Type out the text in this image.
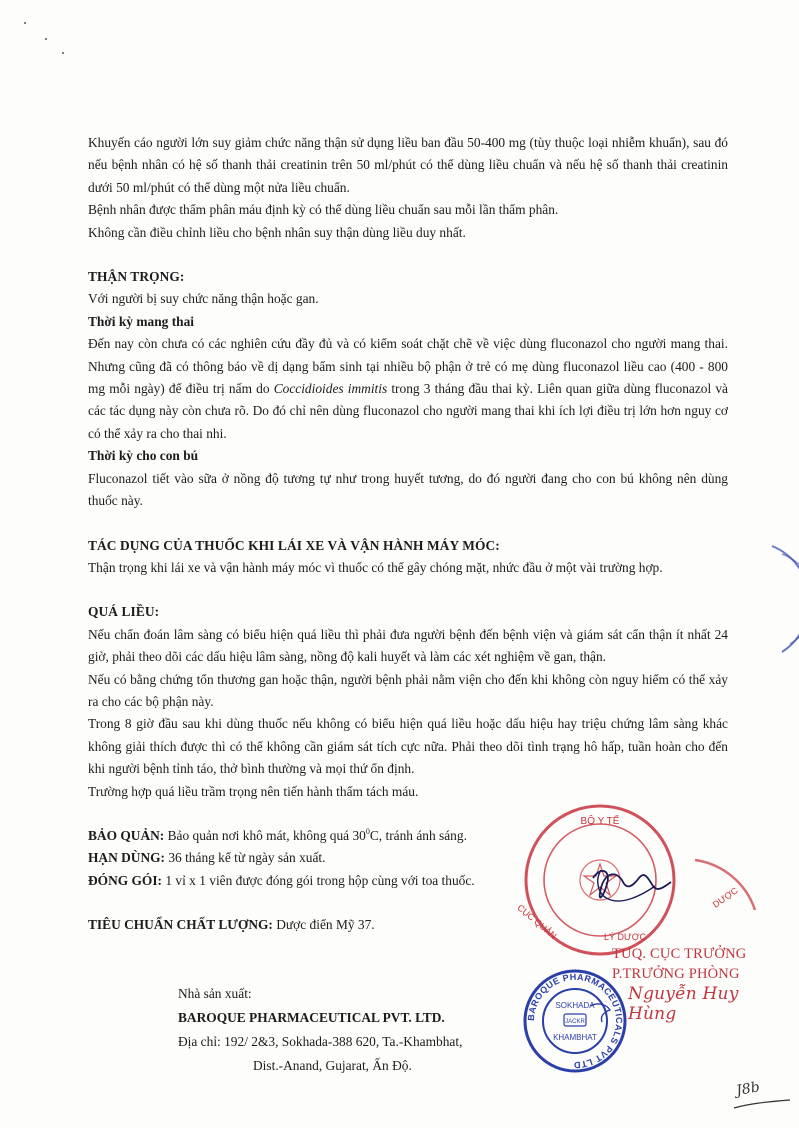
Khuyến cáo người lớn suy giảm chức năng thận sử dụng liều ban đầu 50-400 mg (tùy thuộc loại nhiễm khuẩn), sau đó nếu bệnh nhân có hệ số thanh thải creatinin trên 50 ml/phút có thể dùng liều chuẩn và nếu hệ số thanh thải creatinin dưới 50 ml/phút có thể dùng một nửa liều chuẩn.

Bệnh nhân được thẩm phân máu định kỳ có thể dùng liều chuẩn sau mỗi lần thẩm phân.

Không cần điều chỉnh liều cho bệnh nhân suy thận dùng liều duy nhất.

THẬN TRỌNG:

Với người bị suy chức năng thận hoặc gan.

Thời kỳ mang thai

Đến nay còn chưa có các nghiên cứu đầy đủ và có kiểm soát chặt chẽ về việc dùng fluconazol cho người mang thai. Nhưng cũng đã có thông báo về dị dạng bẩm sinh tại nhiều bộ phận ở trẻ có mẹ dùng fluconazol liều cao (400 - 800 mg mỗi ngày) để điều trị nấm do Coccidioides immitis trong 3 tháng đầu thai kỳ. Liên quan giữa dùng fluconazol và các tác dụng này còn chưa rõ. Do đó chỉ nên dùng fluconazol cho người mang thai khi ích lợi điều trị lớn hơn nguy cơ có thể xảy ra cho thai nhi.

Thời kỳ cho con bú

Fluconazol tiết vào sữa ở nồng độ tương tự như trong huyết tương, do đó người đang cho con bú không nên dùng thuốc này.

TÁC DỤNG CỦA THUỐC KHI LÁI XE VÀ VẬN HÀNH MÁY MÓC:

Thận trọng khi lái xe và vận hành máy móc vì thuốc có thể gây chóng mặt, nhức đầu ở một vài trường hợp.

QUÁ LIỀU:

Nếu chẩn đoán lâm sàng có biểu hiện quá liều thì phải đưa người bệnh đến bệnh viện và giám sát cẩn thận ít nhất 24 giờ, phải theo dõi các dấu hiệu lâm sàng, nồng độ kali huyết và làm các xét nghiệm về gan, thận.

Nếu có bằng chứng tổn thương gan hoặc thận, người bệnh phải nằm viện cho đến khi không còn nguy hiểm có thể xảy ra cho các bộ phận này.

Trong 8 giờ đầu sau khi dùng thuốc nếu không có biểu hiện quá liều hoặc dấu hiệu hay triệu chứng lâm sàng khác không giải thích được thì có thể không cần giám sát tích cực nữa. Phải theo dõi tình trạng hô hấp, tuần hoàn cho đến khi người bệnh tỉnh táo, thở bình thường và mọi thứ ổn định.

Trường hợp quá liều trầm trọng nên tiến hành thẩm tách máu.

BẢO QUẢN: Bảo quản nơi khô mát, không quá $30^0C$, tránh ánh sáng.

HẠN DÙNG: 36 tháng kể từ ngày sản xuất.

ĐÓNG GÓI: 1 vỉ x 1 viên được đóng gói trong hộp cùng với toa thuốc.

TIÊU CHUẨN CHẤT LƯỢNG: Dược điển Mỹ 37.

Nhà sản xuất:
BAROQUE PHARMACEUTICAL PVT. LTD.
Địa chỉ: 192/ 2&3, Sokhada-388 620, Ta.-Khambhat,
Dist.-Anand, Gujarat, Ấn Độ.
BỘ Y TẾ
LÝ DƯỢC
CỤC QUẢN
DƯỢC
TUQ. CỤC TRƯỞNG
P.TRƯỞNG PHÒNG
Nguyễn Huy Hùng
BAROQUE PHARMACEUTICALS PVT LTD
SOKHADA
JACKR
KHAMBHAT
J8b
